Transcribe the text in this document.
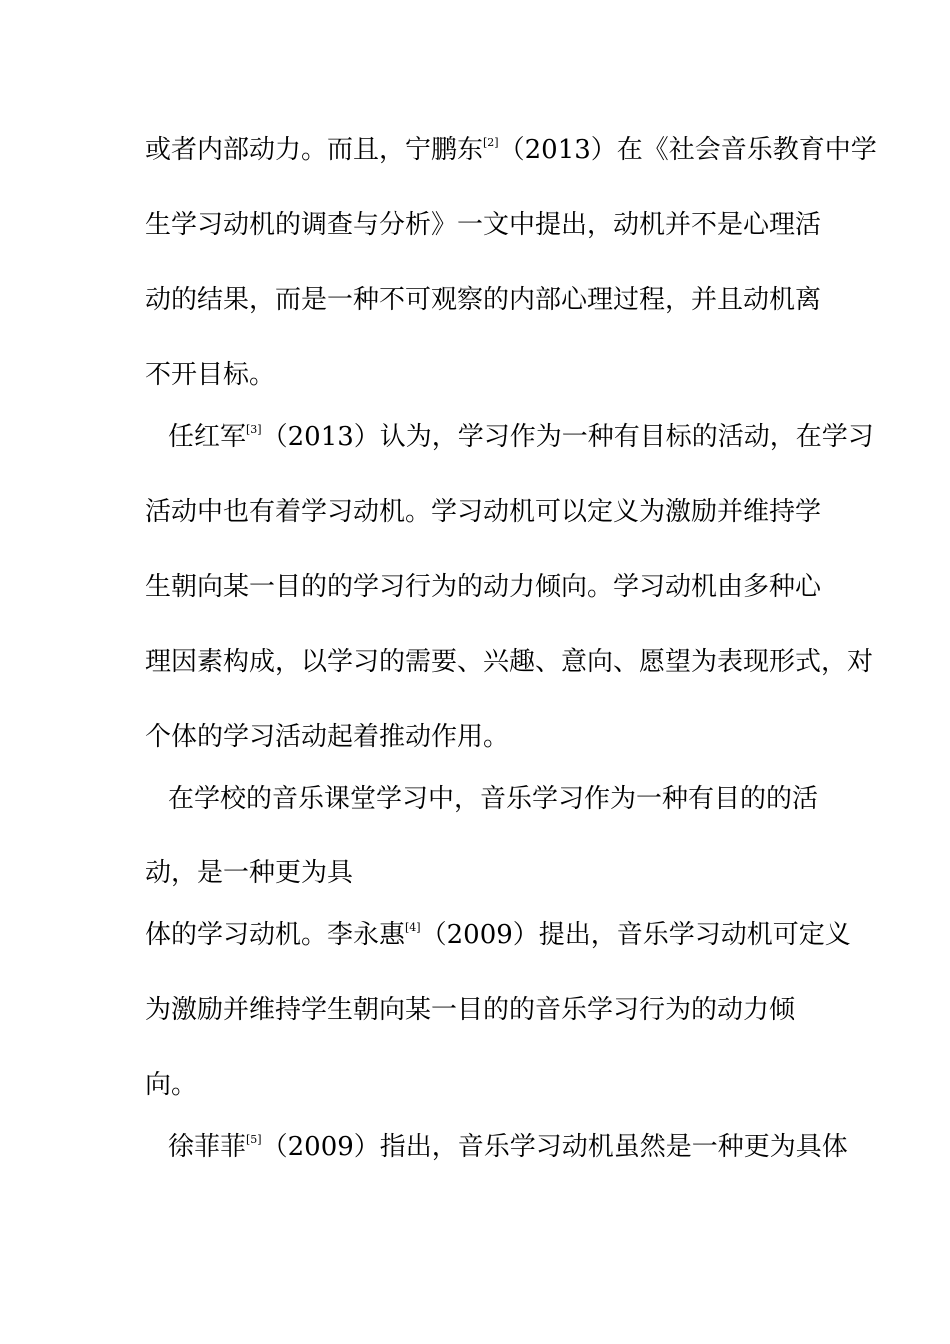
或者内部动力。而且，宁鹏东[2]（2013）在《社会音乐教育中学
生学习动机的调查与分析》一文中提出，动机并不是心理活
动的结果，而是一种不可观察的内部心理过程，并且动机离
不开目标。
任红军[3]（2013）认为，学习作为一种有目标的活动，在学习
活动中也有着学习动机。学习动机可以定义为激励并维持学
生朝向某一目的的学习行为的动力倾向。学习动机由多种心
理因素构成，以学习的需要、兴趣、意向、愿望为表现形式，对
个体的学习活动起着推动作用。
在学校的音乐课堂学习中，音乐学习作为一种有目的的活
动，是一种更为具
体的学习动机。李永惠[4]（2009）提出，音乐学习动机可定义
为激励并维持学生朝向某一目的的音乐学习行为的动力倾
向。
徐菲菲[5]（2009）指出，音乐学习动机虽然是一种更为具体
